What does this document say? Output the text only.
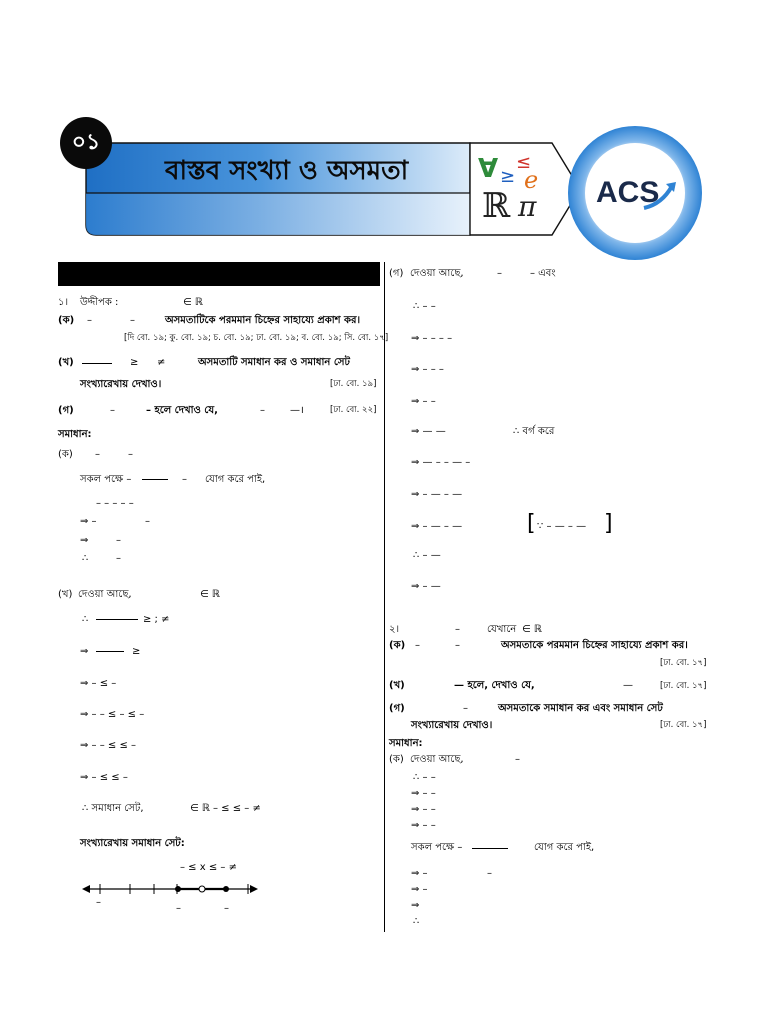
০১
বাস্তব সংখ্যা ও অসমতা	∀ ≥
≤
e
ℝ π ACS
১। উদ্দীপক :	∈ ℝ
(ক) –	–	অসমতাটিকে পরমমান চিহ্নের সাহায্যে প্রকাশ কর।
[দি বো. ১৯; কু. বো. ১৯; চ. বো. ১৯; ঢা. বো. ১৯; ব. বো. ১৯; সি. বো. ১৭]
(খ)	≥ ≠	অসমতাটি সমাধান কর ও সমাধান সেট
সংখ্যারেখায় দেখাও।	[ঢা. বো. ১৯]
(গ)	–	– হলে দেখাও যে,	–	—।	[ঢা. বো. ২২]
সমাধান:
(ক) –	–
সকল পক্ষে –	– যোগ করে পাই,
– – – – –
⇒ –	–
⇒	–
∴	–
(খ) দেওয়া আছে,	∈ ℝ
∴	≥ ; ≠
⇒	≥
⇒ – ≤ –
⇒ – – ≤ – ≤ –
⇒ – – ≤ ≤ –
⇒ – ≤ ≤ –
∴ সমাধান সেট,	∈ ℝ – ≤ ≤ – ≠
সংখ্যারেখায় সমাধান সেট:
– ≤ x ≤ – ≠
–
–	–
(গ) দেওয়া আছে,	–	– এবং
∴ – –
⇒ – – – –
⇒ – – –
⇒ – –
⇒ — —	∴ বর্গ করে
⇒ — – – — –
⇒ – — – —
⇒ – — – —	[ ∵ – — – — ]
∴ – —
⇒ – —
২।	–	যেখানে ∈ ℝ
(ক) –	–	অসমতাকে পরমমান চিহ্নের সাহায্যে প্রকাশ কর।
[ঢা. বো. ১৭]
(খ)	— হলে, দেখাও যে,	—	[ঢা. বো. ১৭]
(গ)	–	অসমতাকে সমাধান কর এবং সমাধান সেট
সংখ্যারেখায় দেখাও।	[ঢা. বো. ১৭]
সমাধান:
(ক) দেওয়া আছে,	–
∴ – –
⇒ – –
⇒ – –
⇒ – –
সকল পক্ষে –	যোগ করে পাই,
⇒ –	–
⇒ –
⇒
∴
